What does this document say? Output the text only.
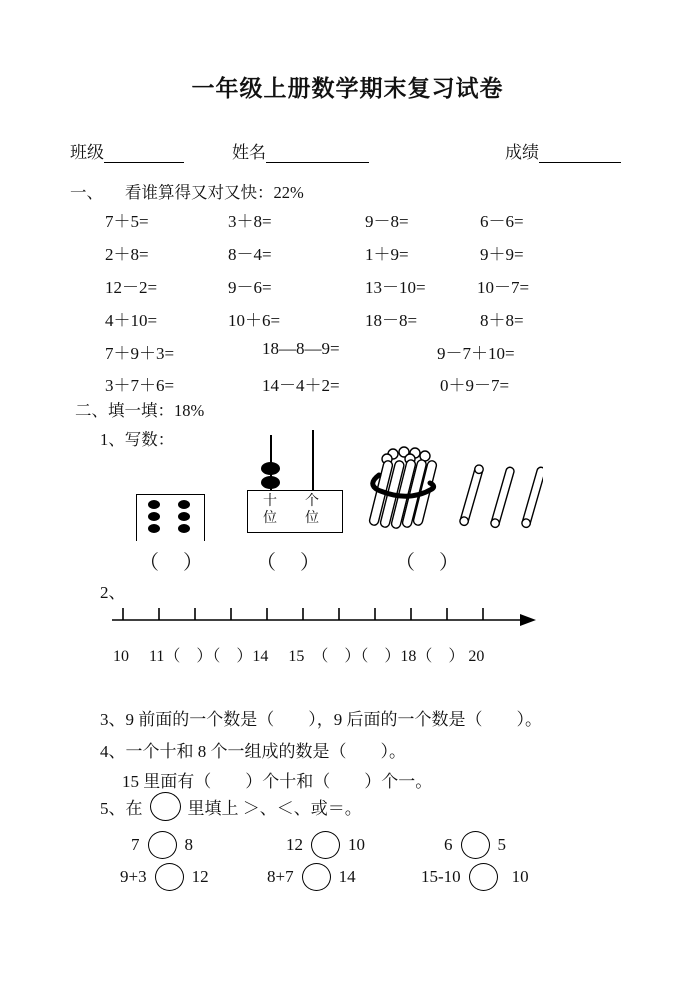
一年级上册数学期末复习试卷
班级	姓名	成绩
一、 看谁算得又对又快：22%
7＋5=	3＋8=	9－8=	6－6=
2＋8=	8－4=	1＋9=	9＋9=
12－2=	9－6=	13－10=	10－7=
4＋10=	10＋6=	18－8=	8＋8=
7＋9＋3=	18—8—9=	9－7＋10=
3＋7＋6=	14－4＋2=	0＋9－7=
二、填一填：18%
1、写数：
十
位
个
位
（　）	（　）	（　）
2、
10　 11（　）（　）14　 15　（　）（　）18（　） 20
3、9 前面的一个数是（　　），9 后面的一个数是（　　）。
4、一个十和 8 个一组成的数是（　　）。
15 里面有（　　）个十和（　　）个一。
5、在	里填上 ＞、＜、或＝。
7	8	12	10	6	5
9+3	12	8+7	14	15-10	10
